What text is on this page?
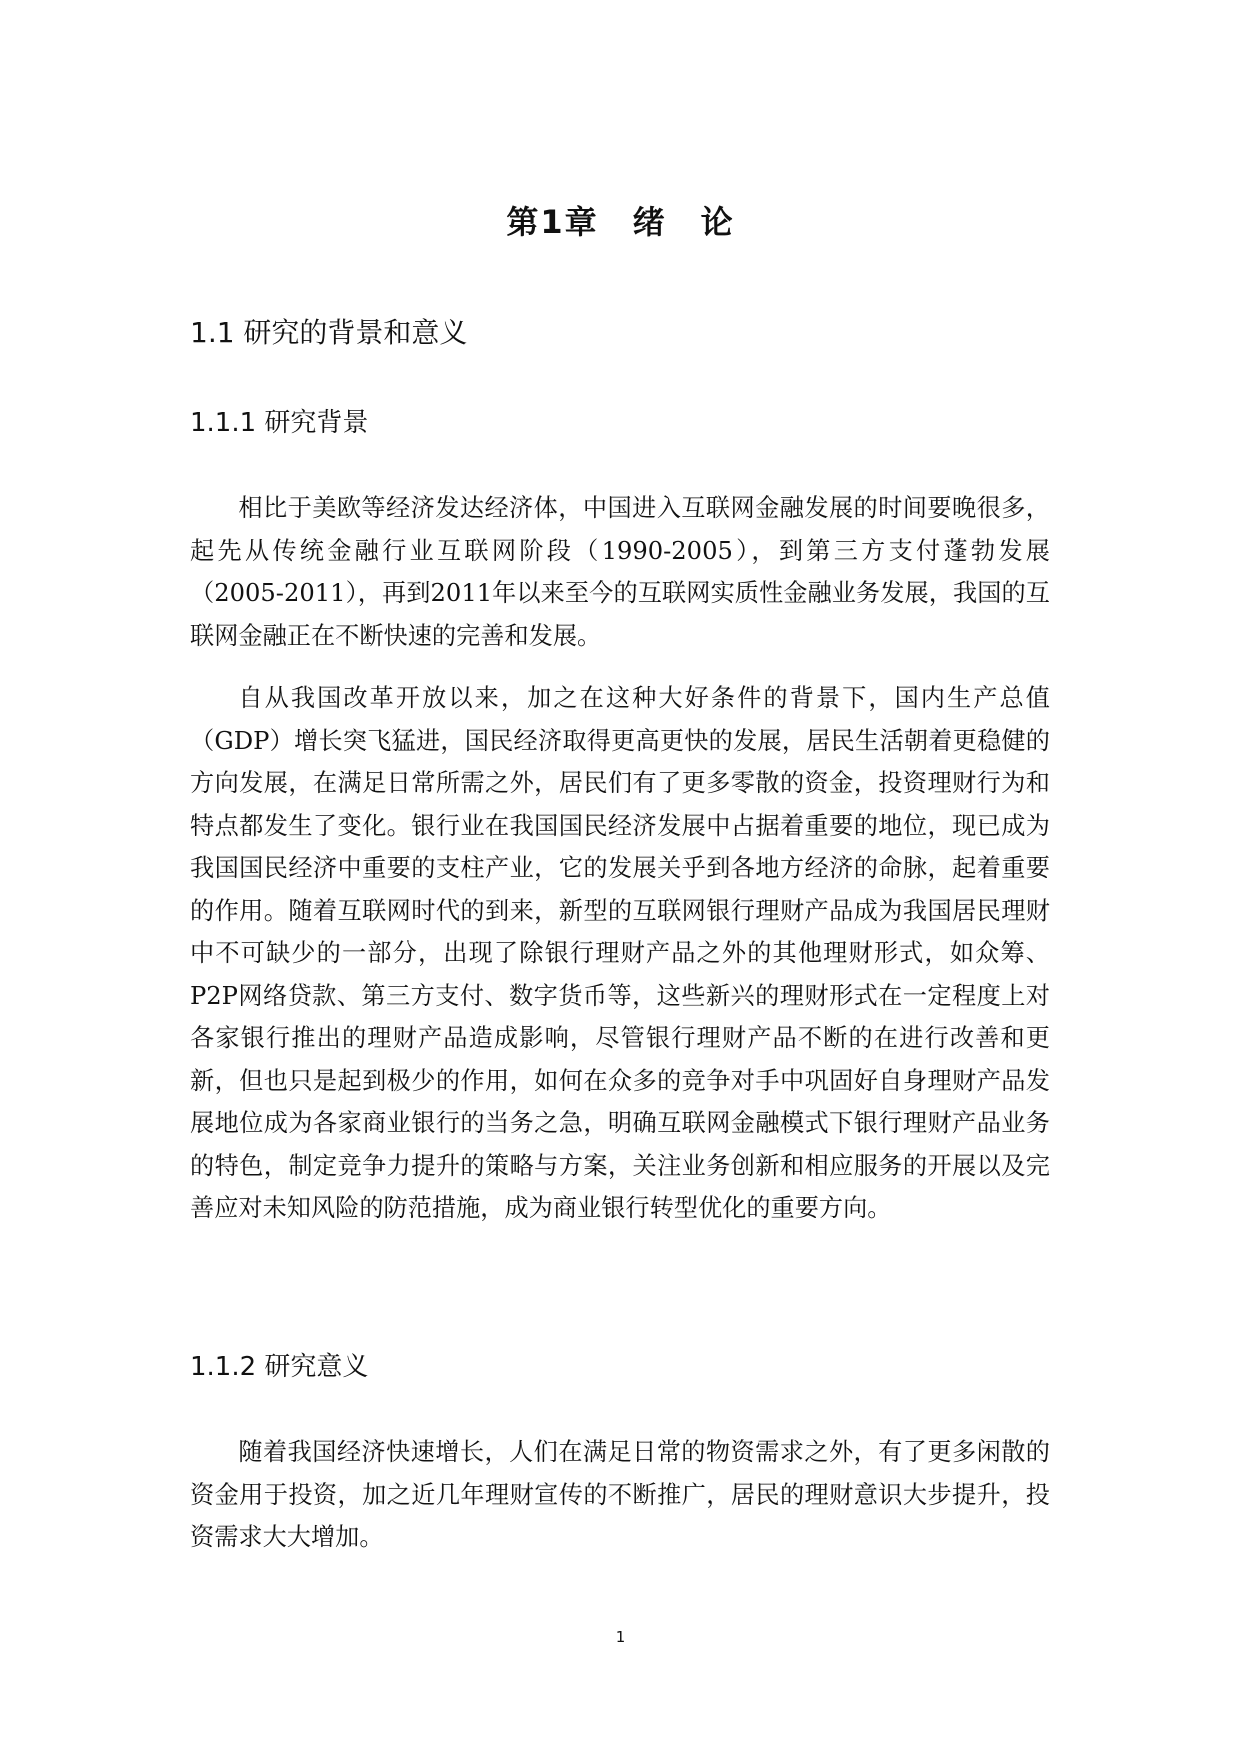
第1章　绪　论
1.1 研究的背景和意义
1.1.1 研究背景

相比于美欧等经济发达经济体，中国进入互联网金融发展的时间要晚很多，起先从传统金融行业互联网阶段（1990-2005），到第三方支付蓬勃发展（2005-2011），再到2011年以来至今的互联网实质性金融业务发展，我国的互联网金融正在不断快速的完善和发展。

自从我国改革开放以来，加之在这种大好条件的背景下，国内生产总值（GDP）增长突飞猛进，国民经济取得更高更快的发展，居民生活朝着更稳健的方向发展，在满足日常所需之外，居民们有了更多零散的资金，投资理财行为和特点都发生了变化。银行业在我国国民经济发展中占据着重要的地位，现已成为我国国民经济中重要的支柱产业，它的发展关乎到各地方经济的命脉，起着重要的作用。随着互联网时代的到来，新型的互联网银行理财产品成为我国居民理财中不可缺少的一部分，出现了除银行理财产品之外的其他理财形式，如众筹、P2P网络贷款、第三方支付、数字货币等，这些新兴的理财形式在一定程度上对各家银行推出的理财产品造成影响，尽管银行理财产品不断的在进行改善和更新，但也只是起到极少的作用，如何在众多的竞争对手中巩固好自身理财产品发展地位成为各家商业银行的当务之急，明确互联网金融模式下银行理财产品业务的特色，制定竞争力提升的策略与方案，关注业务创新和相应服务的开展以及完善应对未知风险的防范措施，成为商业银行转型优化的重要方向。

1.1.2 研究意义

随着我国经济快速增长，人们在满足日常的物资需求之外，有了更多闲散的资金用于投资，加之近几年理财宣传的不断推广，居民的理财意识大步提升，投资需求大大增加。

1
